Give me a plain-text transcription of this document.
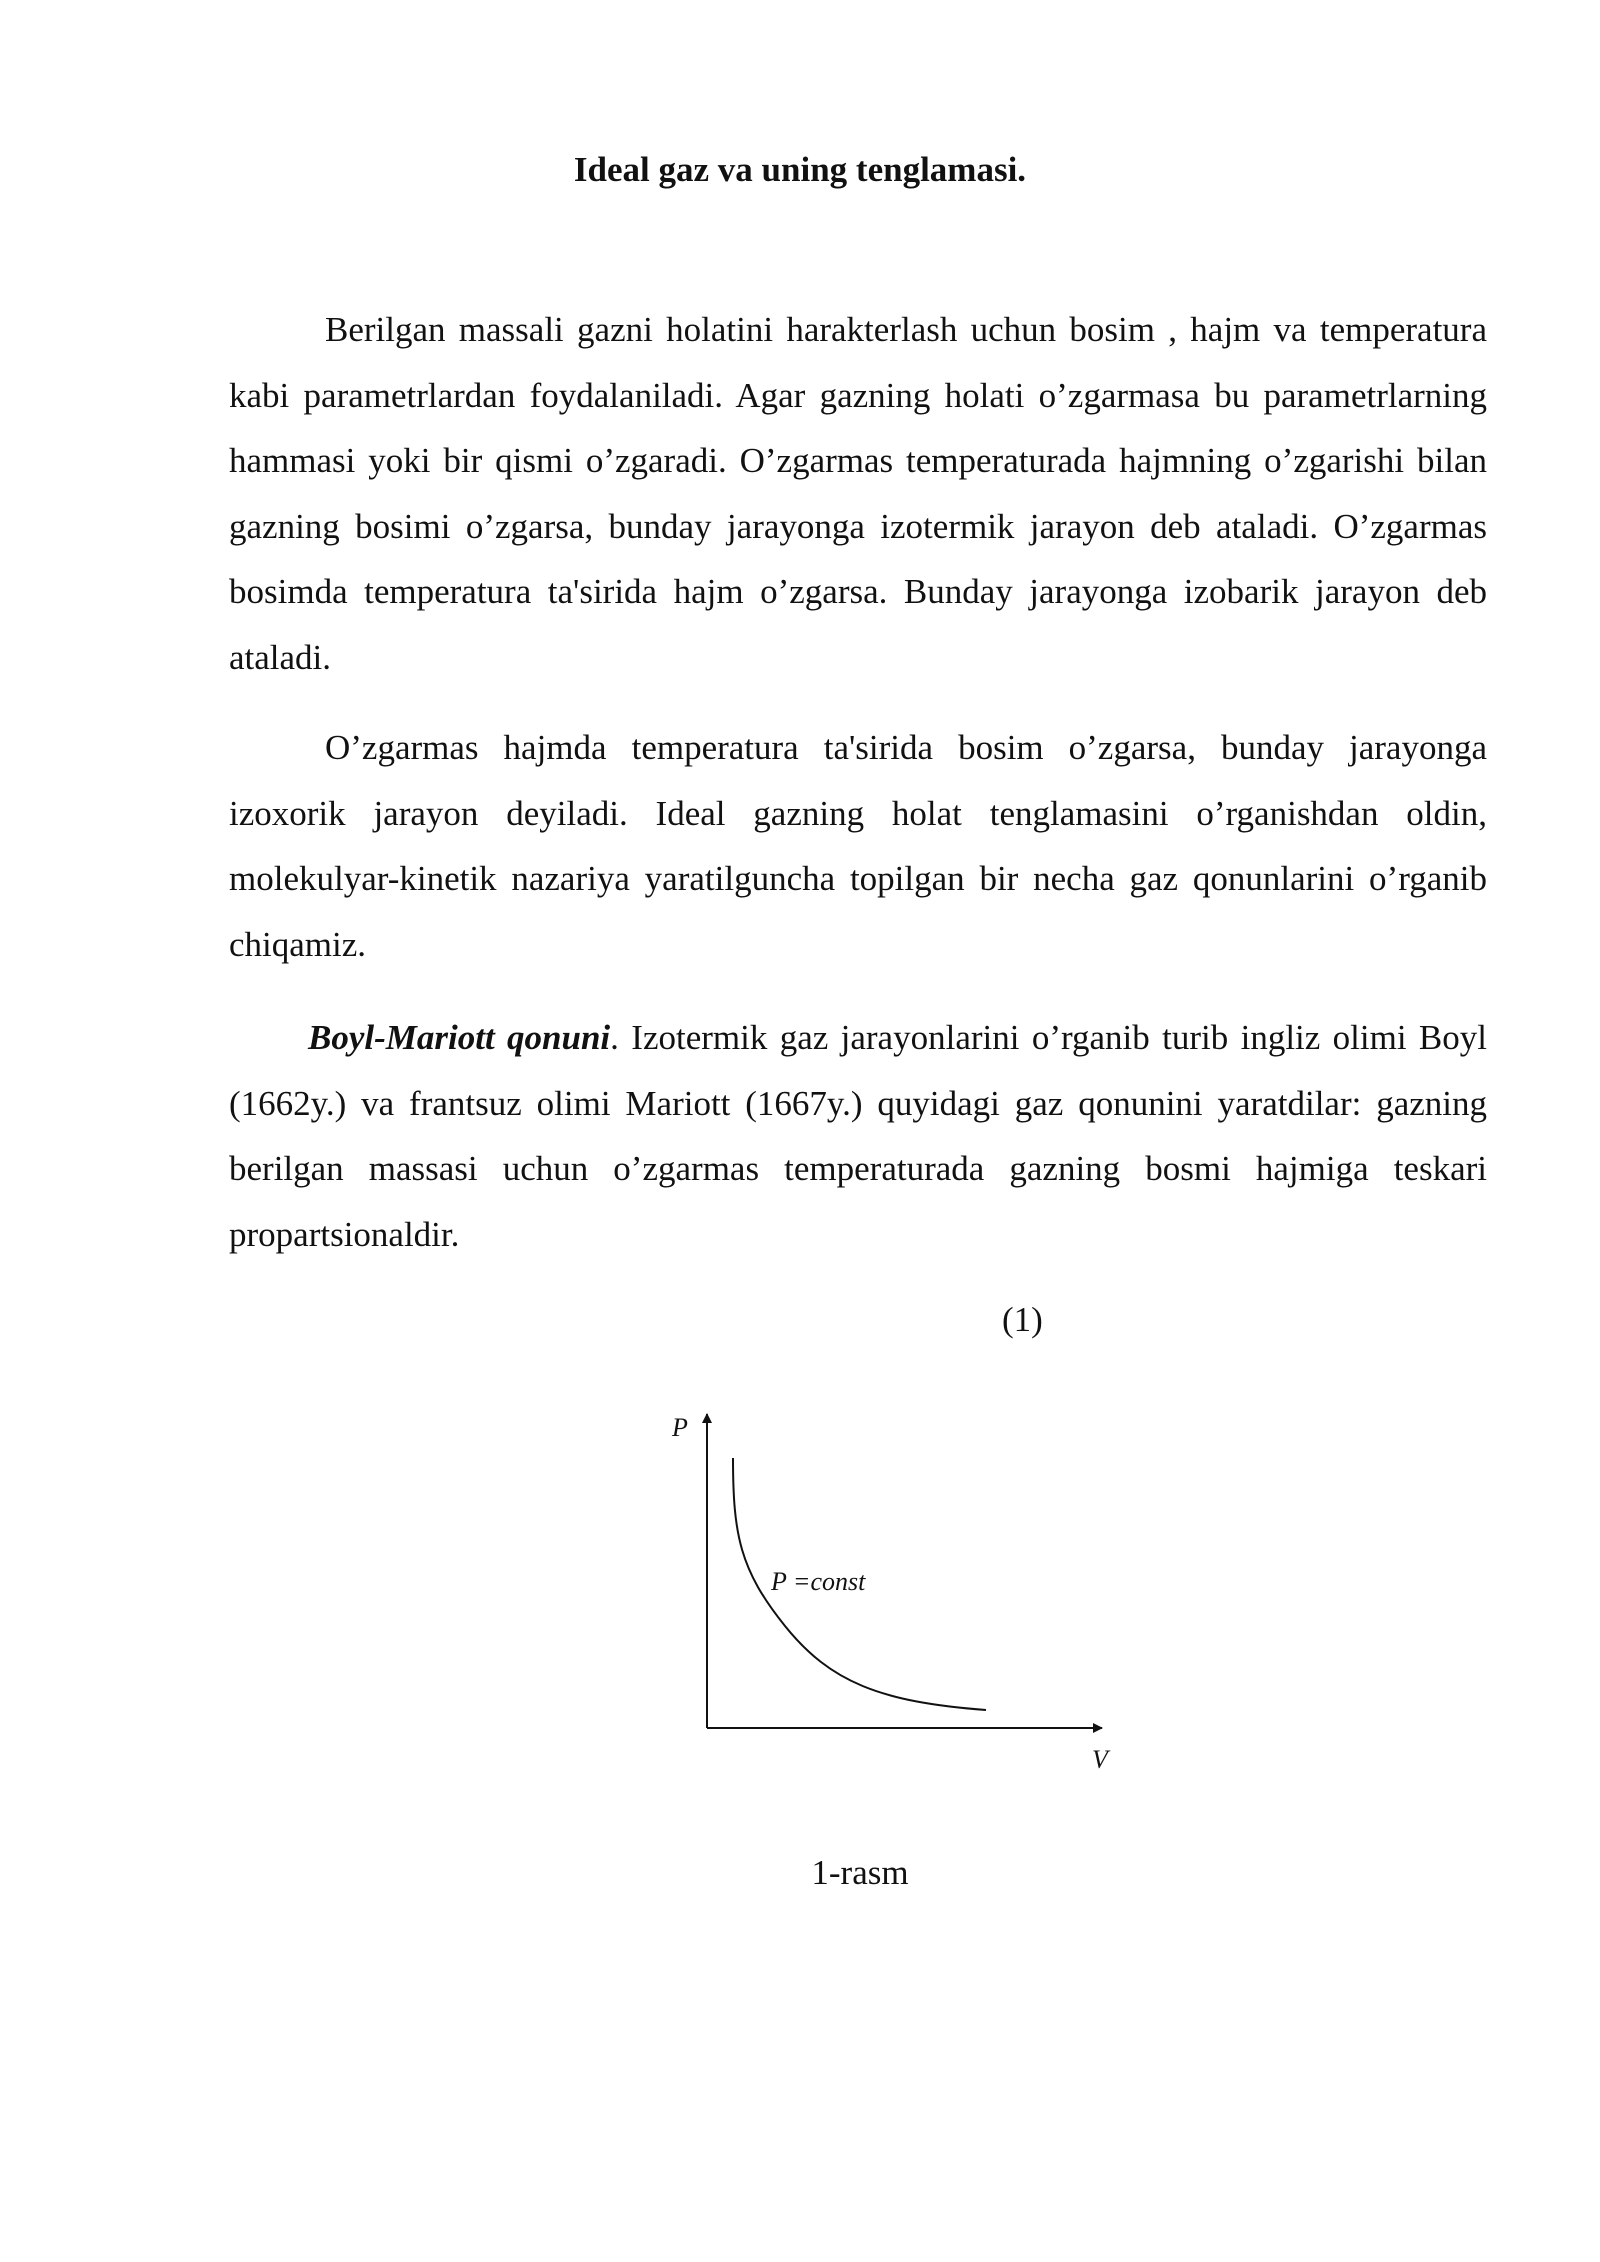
Ideal gaz va uning tenglamasi.

Berilgan massali gazni holatini harakterlash uchun bosim , hajm va temperatura kabi parametrlardan foydalaniladi. Agar gazning holati o’zgarmasa bu parametrlarning hammasi yoki bir qismi o’zgaradi. O’zgarmas temperaturada hajmning o’zgarishi bilan gazning bosimi o’zgarsa, bunday jarayonga izotermik jarayon deb ataladi. O’zgarmas bosimda temperatura ta'sirida hajm o’zgarsa. Bunday jarayonga izobarik jarayon deb ataladi.

O’zgarmas hajmda temperatura ta'sirida bosim o’zgarsa, bunday jarayonga izoxorik jarayon deyiladi. Ideal gazning holat tenglamasini o’rganishdan oldin, molekulyar-kinetik nazariya yaratilguncha topilgan bir necha gaz qonunlarini o’rganib chiqamiz.

Boyl-Mariott qonuni. Izotermik gaz jarayonlarini o’rganib turib ingliz olimi Boyl (1662y.) va frantsuz olimi Mariott (1667y.) quyidagi gaz qonunini yaratdilar: gazning berilgan massasi uchun o’zgarmas temperaturada gazning bosmi hajmiga teskari propartsionaldir.

(1)
P
V
P =const
1-rasm
